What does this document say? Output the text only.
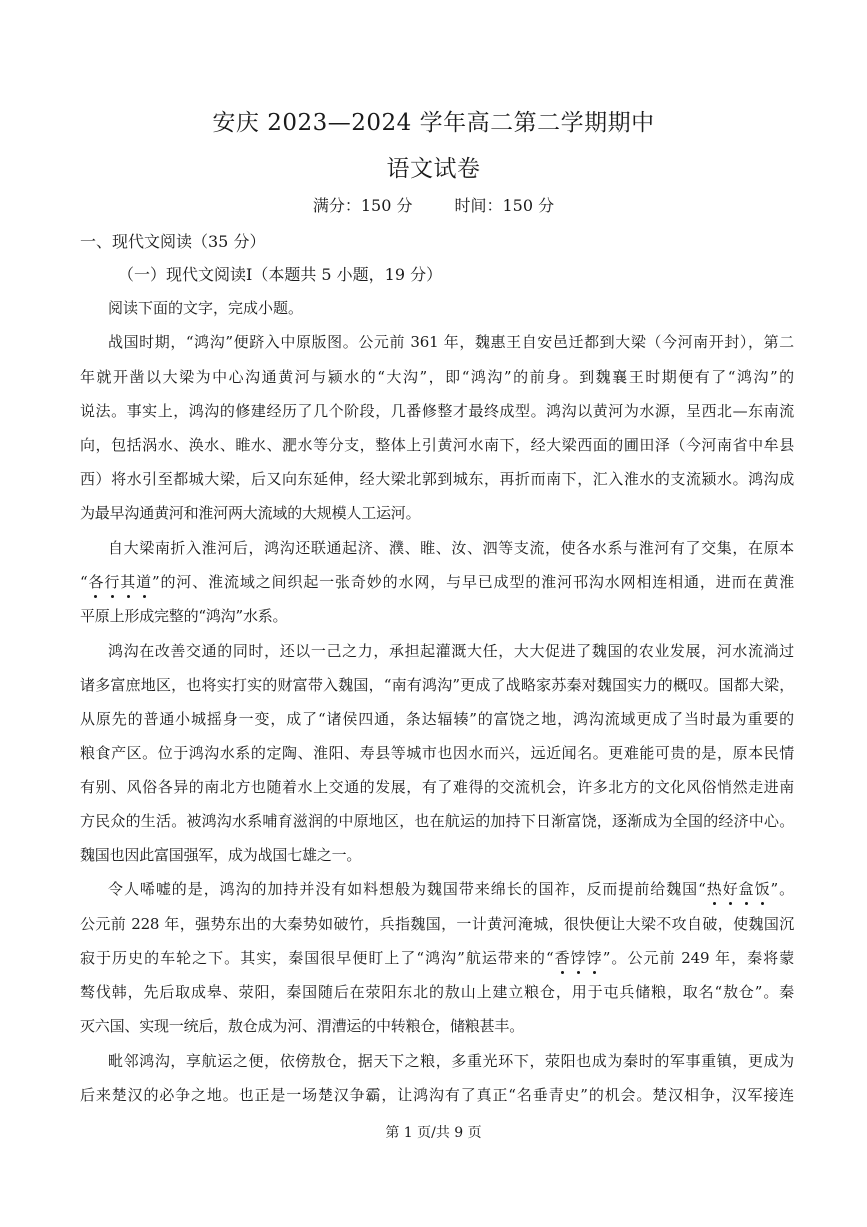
安庆 2023—2024 学年高二第二学期期中
语文试卷
满分：150 分	时间：150 分
一、现代文阅读（35 分）
（一）现代文阅读Ⅰ（本题共 5 小题，19 分）
阅读下面的文字，完成小题。
战国时期，“鸿沟”便跻入中原版图。公元前 361 年，魏惠王自安邑迁都到大梁（今河南开封），第二
年就开凿以大梁为中心沟通黄河与颍水的“大沟”，即“鸿沟”的前身。到魏襄王时期便有了“鸿沟”的
说法。事实上，鸿沟的修建经历了几个阶段，几番修整才最终成型。鸿沟以黄河为水源，呈西北—东南流
向，包括涡水、涣水、睢水、淝水等分支，整体上引黄河水南下，经大梁西面的圃田泽（今河南省中牟县
西）将水引至都城大梁，后又向东延伸，经大梁北郭到城东，再折而南下，汇入淮水的支流颍水。鸿沟成
为最早沟通黄河和淮河两大流域的大规模人工运河。
自大梁南折入淮河后，鸿沟还联通起济、濮、睢、汝、泗等支流，使各水系与淮河有了交集，在原本
“各行其道”的河、淮流域之间织起一张奇妙的水网，与早已成型的淮河邗沟水网相连相通，进而在黄淮
平原上形成完整的“鸿沟”水系。
鸿沟在改善交通的同时，还以一己之力，承担起灌溉大任，大大促进了魏国的农业发展，河水流淌过
诸多富庶地区，也将实打实的财富带入魏国，“南有鸿沟”更成了战略家苏秦对魏国实力的概叹。国都大梁，
从原先的普通小城摇身一变，成了“诸侯四通，条达辐辏”的富饶之地，鸿沟流域更成了当时最为重要的
粮食产区。位于鸿沟水系的定陶、淮阳、寿县等城市也因水而兴，远近闻名。更难能可贵的是，原本民情
有别、风俗各异的南北方也随着水上交通的发展，有了难得的交流机会，许多北方的文化风俗悄然走进南
方民众的生活。被鸿沟水系哺育滋润的中原地区，也在航运的加持下日渐富饶，逐渐成为全国的经济中心。
魏国也因此富国强军，成为战国七雄之一。
令人唏嘘的是，鸿沟的加持并没有如料想般为魏国带来绵长的国祚，反而提前给魏国“热好盒饭”。
公元前 228 年，强势东出的大秦势如破竹，兵指魏国，一计黄河淹城，很快便让大梁不攻自破，使魏国沉
寂于历史的车轮之下。其实，秦国很早便盯上了“鸿沟”航运带来的“香饽饽”。公元前 249 年，秦将蒙
骜伐韩，先后取成皋、荥阳，秦国随后在荥阳东北的敖山上建立粮仓，用于屯兵储粮，取名“敖仓”。秦
灭六国、实现一统后，敖仓成为河、渭漕运的中转粮仓，储粮甚丰。
毗邻鸿沟，享航运之便，依傍敖仓，据天下之粮，多重光环下，荥阳也成为秦时的军事重镇，更成为
后来楚汉的必争之地。也正是一场楚汉争霸，让鸿沟有了真正“名垂青史”的机会。楚汉相争，汉军接连
第 1 页/共 9 页
